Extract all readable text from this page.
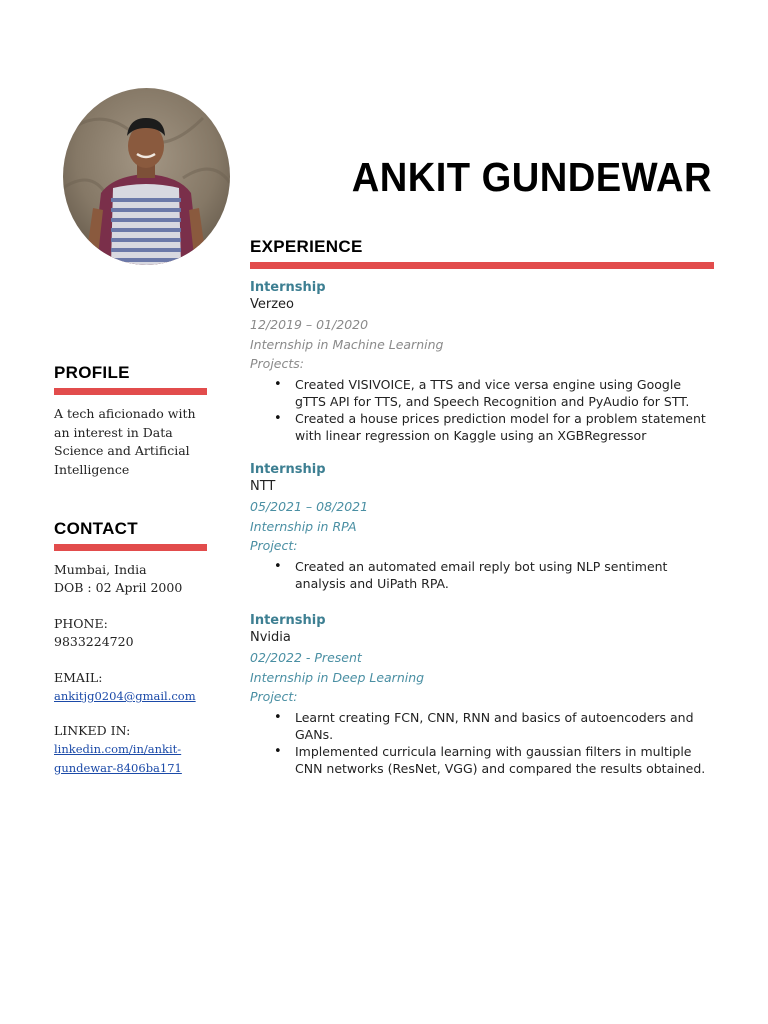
ANKIT GUNDEWAR
PROFILE
A tech aficionado with an interest in Data Science and Artificial Intelligence
CONTACT
Mumbai, India
DOB : 02 April 2000
PHONE:
9833224720
EMAIL:
ankitjg0204@gmail.com
LINKED IN:
linkedin.com/in/ankit-
gundewar-8406ba171
EXPERIENCE
Internship
Verzeo
12/2019 – 01/2020
Internship in Machine Learning
Projects:
• Created VISIVOICE, a TTS and vice versa engine using Google gTTS API for TTS, and Speech Recognition and PyAudio for STT.
• Created a house prices prediction model for a problem statement with linear regression on Kaggle using an XGBRegressor
Internship
NTT
05/2021 – 08/2021
Internship in RPA
Project:
• Created an automated email reply bot using NLP sentiment analysis and UiPath RPA.
Internship
Nvidia
02/2022 - Present
Internship in Deep Learning
Project:
• Learnt creating FCN, CNN, RNN and basics of autoencoders and GANs.
• Implemented curricula learning with gaussian filters in multiple CNN networks (ResNet, VGG) and compared the results obtained.
